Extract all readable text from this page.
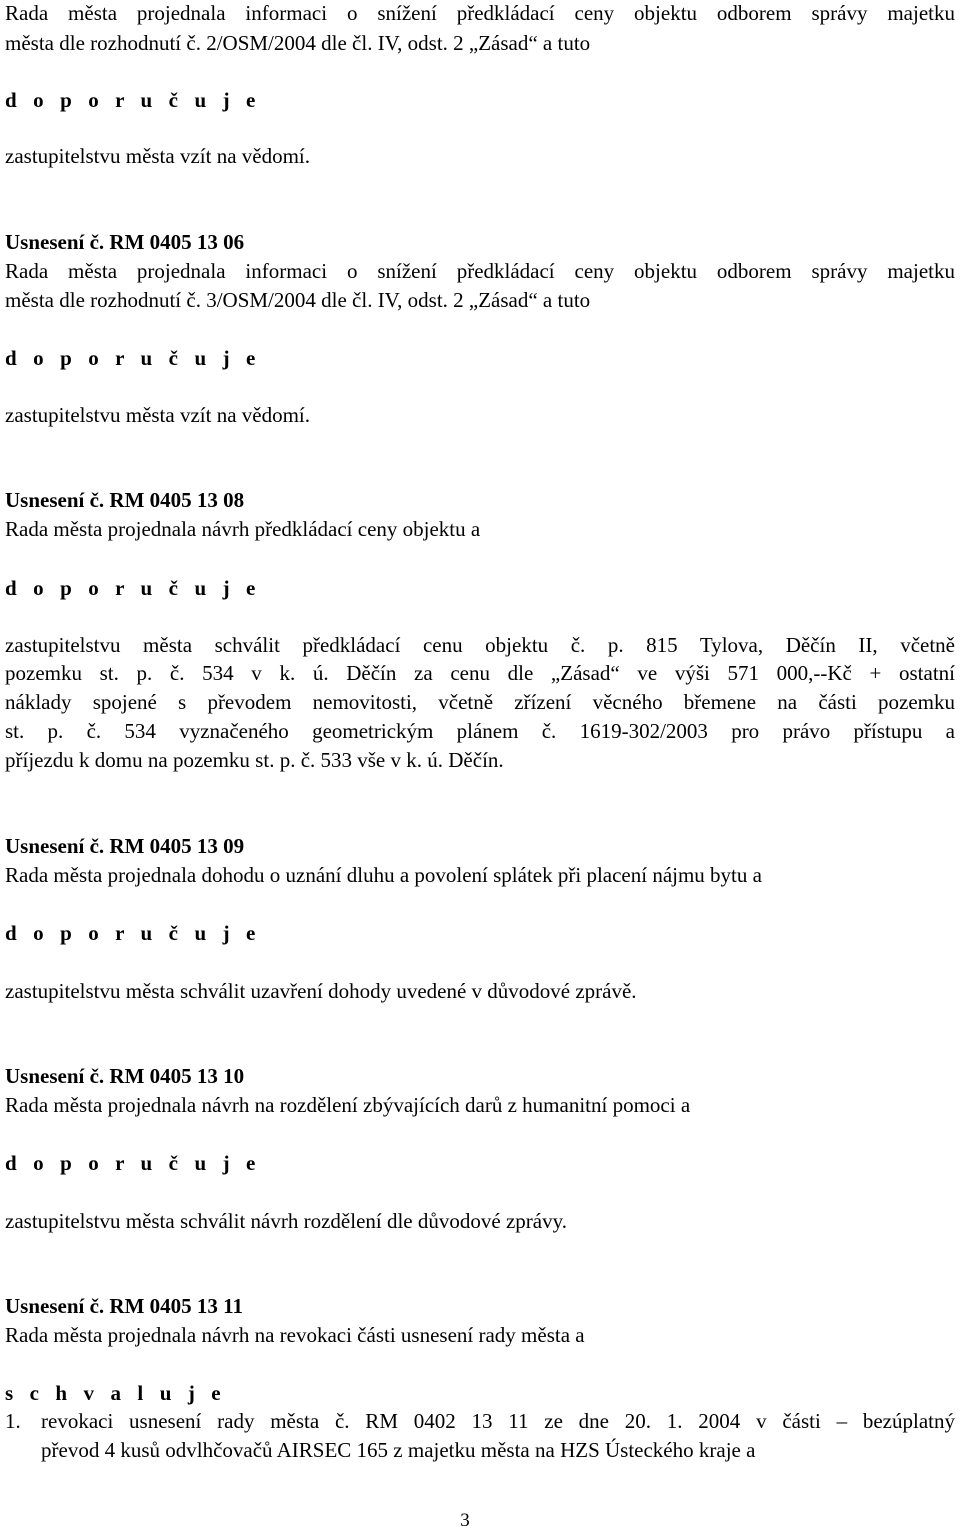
Rada města projednala informaci o snížení předkládací ceny objektu odborem správy majetku
města dle rozhodnutí č. 2/OSM/2004 dle čl. IV, odst. 2 „Zásad“ a tuto
d o p o r u č u j e
zastupitelstvu města vzít na vědomí.
Usnesení č. RM 0405 13 06
Rada města projednala informaci o snížení předkládací ceny objektu odborem správy majetku
města dle rozhodnutí č. 3/OSM/2004 dle čl. IV, odst. 2 „Zásad“ a tuto
d o p o r u č u j e
zastupitelstvu města vzít na vědomí.
Usnesení č. RM 0405 13 08
Rada města projednala návrh předkládací ceny objektu a
d o p o r u č u j e
zastupitelstvu města schválit předkládací cenu objektu č. p. 815 Tylova, Děčín II, včetně
pozemku st. p. č. 534 v k. ú. Děčín za cenu dle „Zásad“ ve výši 571 000,--Kč + ostatní
náklady spojené s převodem nemovitosti, včetně zřízení věcného břemene na části pozemku
st. p. č. 534 vyznačeného geometrickým plánem č. 1619-302/2003 pro právo přístupu a
příjezdu k domu na pozemku st. p. č. 533 vše v k. ú. Děčín.
Usnesení č. RM 0405 13 09
Rada města projednala dohodu o uznání dluhu a povolení splátek při placení nájmu bytu a
d o p o r u č u j e
zastupitelstvu města schválit uzavření dohody uvedené v důvodové zprávě.
Usnesení č. RM 0405 13 10
Rada města projednala návrh na rozdělení zbývajících darů z humanitní pomoci a
d o p o r u č u j e
zastupitelstvu města schválit návrh rozdělení dle důvodové zprávy.
Usnesení č. RM 0405 13 11
Rada města projednala návrh na revokaci části usnesení rady města a
s c h v a l u j e
1. revokaci usnesení rady města č. RM 0402 13 11 ze dne 20. 1. 2004 v části – bezúplatný
převod 4 kusů odvlhčovačů AIRSEC 165 z majetku města na HZS Ústeckého kraje a
3
